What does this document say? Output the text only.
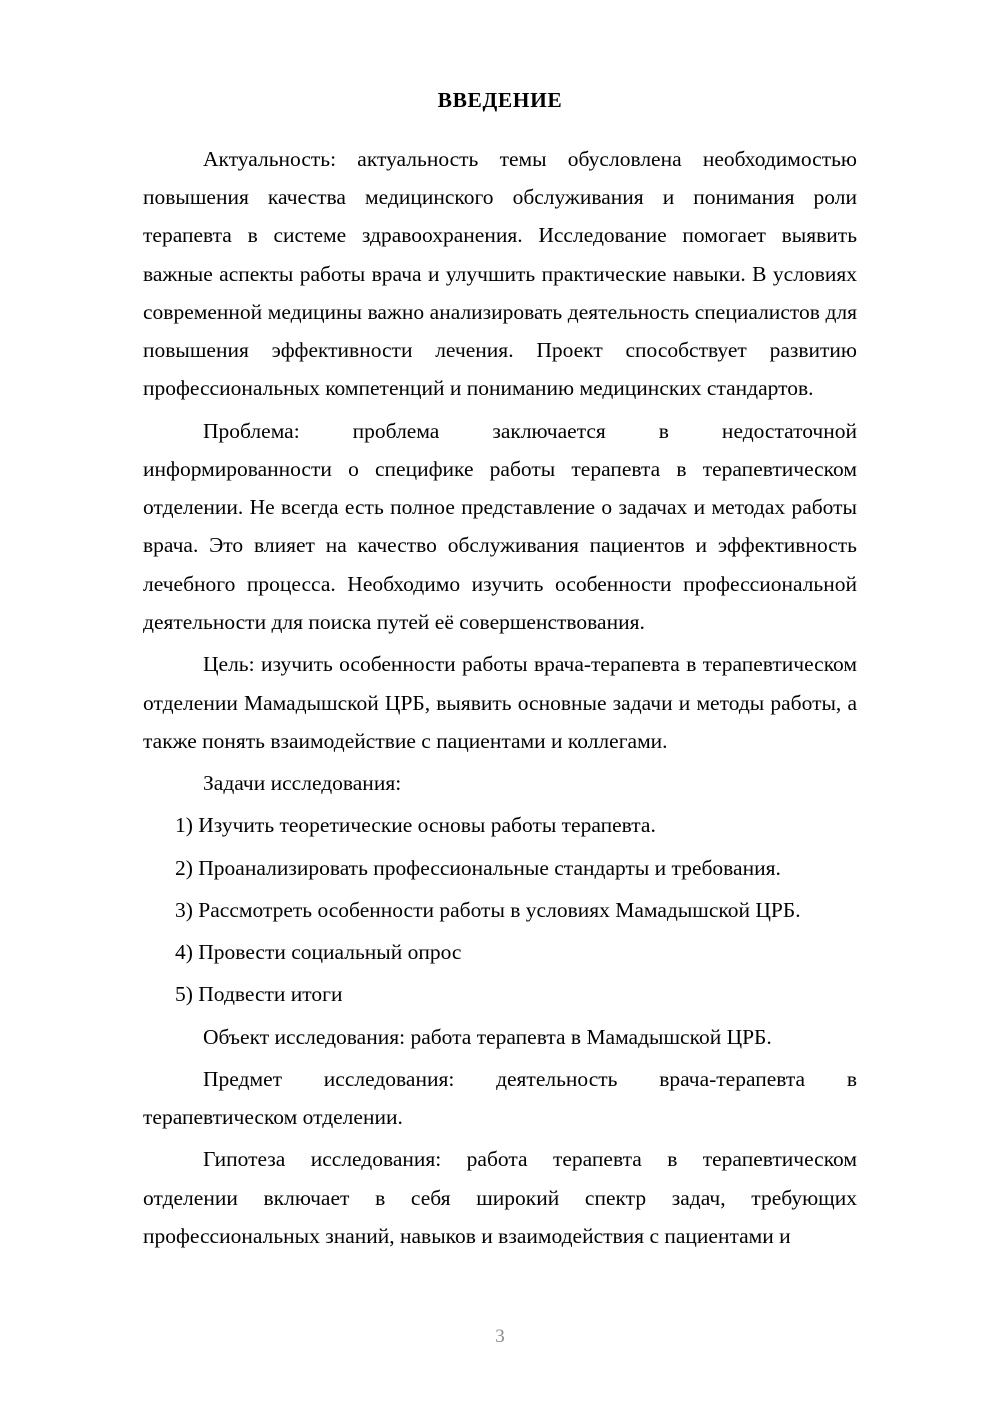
ВВЕДЕНИЕ

Актуальность: актуальность темы обусловлена необходимостью повышения качества медицинского обслуживания и понимания роли терапевта в системе здравоохранения. Исследование помогает выявить важные аспекты работы врача и улучшить практические навыки. В условиях современной медицины важно анализировать деятельность специалистов для повышения эффективности лечения. Проект способствует развитию профессиональных компетенций и пониманию медицинских стандартов.

Проблема: проблема заключается в недостаточной информированности о специфике работы терапевта в терапевтическом отделении. Не всегда есть полное представление о задачах и методах работы врача. Это влияет на качество обслуживания пациентов и эффективность лечебного процесса. Необходимо изучить особенности профессиональной деятельности для поиска путей её совершенствования.

Цель: изучить особенности работы врача-терапевта в терапевтическом отделении Мамадышской ЦРБ, выявить основные задачи и методы работы, а также понять взаимодействие с пациентами и коллегами.

Задачи исследования:

1) Изучить теоретические основы работы терапевта.
2) Проанализировать профессиональные стандарты и требования.
3) Рассмотреть особенности работы в условиях Мамадышской ЦРБ.
4) Провести социальный опрос
5) Подвести итоги

Объект исследования: работа терапевта в Мамадышской ЦРБ.

Предмет исследования: деятельность врача-терапевта в терапевтическом отделении.

Гипотеза исследования: работа терапевта в терапевтическом отделении включает в себя широкий спектр задач, требующих профессиональных знаний, навыков и взаимодействия с пациентами и

3
